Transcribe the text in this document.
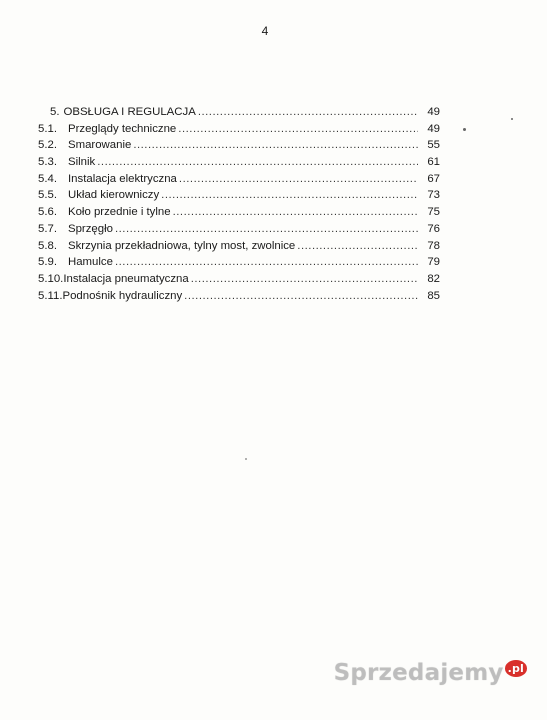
4
5. OBSŁUGA I REGULACJA .....	49
5.1. Przeglądy techniczne .....	49
5.2. Smarowanie .....	55
5.3. Silnik .....	61
5.4. Instalacja elektryczna .....	67
5.5. Układ kierowniczy .....	73
5.6. Koło przednie i tylne .....	75
5.7. Sprzęgło .....	76
5.8. Skrzynia przekładniowa, tylny most, zwolnice .....	78
5.9. Hamulce .....	79
5.10. Instalacja pneumatyczna .....	82
5.11. Podnośnik hydrauliczny .....	85
Sprzedajemy $^{.pl}$
